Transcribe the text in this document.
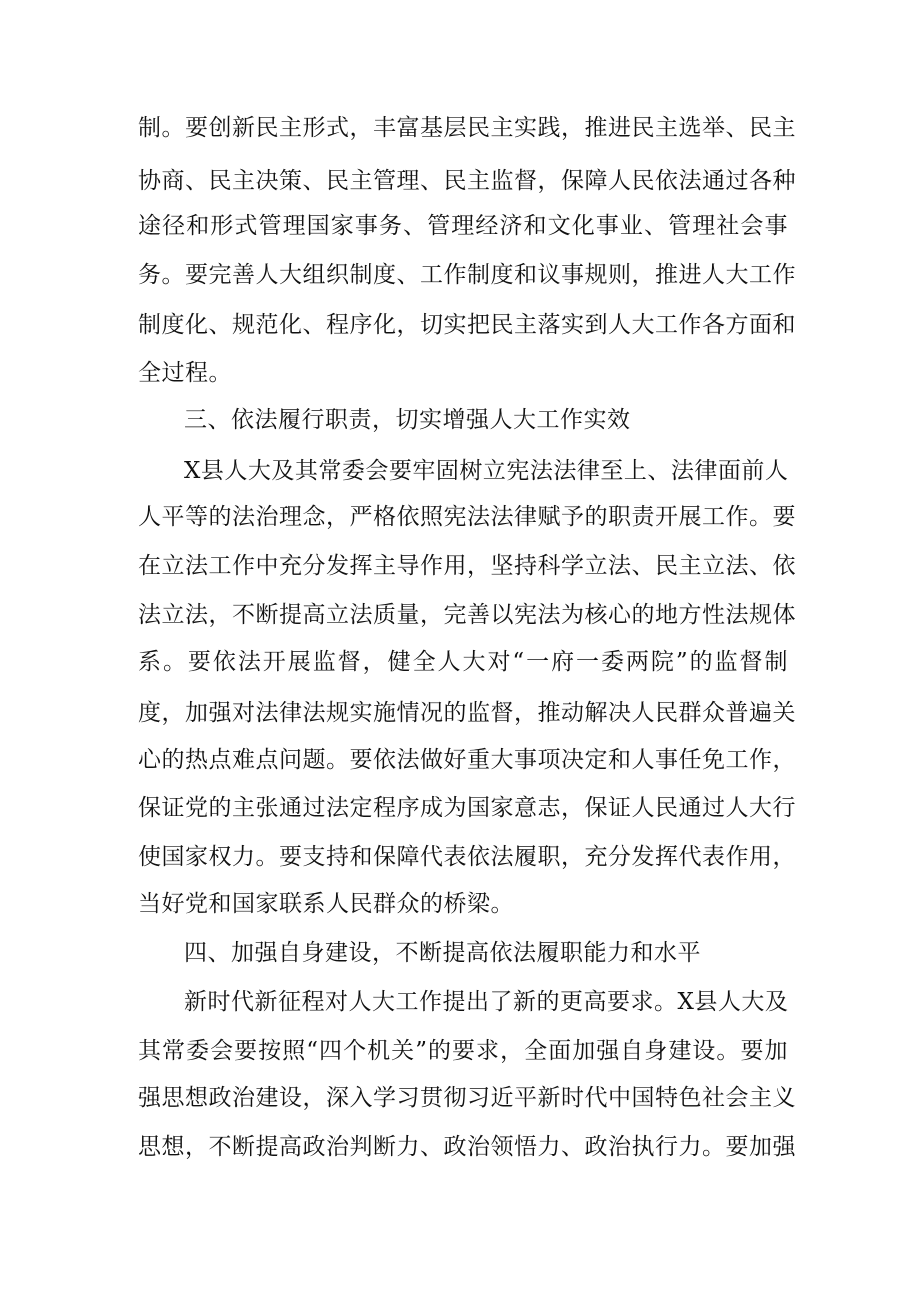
制。要创新民主形式，丰富基层民主实践，推进民主选举、民主
协商、民主决策、民主管理、民主监督，保障人民依法通过各种
途径和形式管理国家事务、管理经济和文化事业、管理社会事
务。要完善人大组织制度、工作制度和议事规则，推进人大工作
制度化、规范化、程序化，切实把民主落实到人大工作各方面和
全过程。
三、依法履行职责，切实增强人大工作实效
X县人大及其常委会要牢固树立宪法法律至上、法律面前人
人平等的法治理念，严格依照宪法法律赋予的职责开展工作。要
在立法工作中充分发挥主导作用，坚持科学立法、民主立法、依
法立法，不断提高立法质量，完善以宪法为核心的地方性法规体
系。要依法开展监督，健全人大对“一府一委两院”的监督制
度，加强对法律法规实施情况的监督，推动解决人民群众普遍关
心的热点难点问题。要依法做好重大事项决定和人事任免工作，
保证党的主张通过法定程序成为国家意志，保证人民通过人大行
使国家权力。要支持和保障代表依法履职，充分发挥代表作用，
当好党和国家联系人民群众的桥梁。
四、加强自身建设，不断提高依法履职能力和水平
新时代新征程对人大工作提出了新的更高要求。X县人大及
其常委会要按照“四个机关”的要求，全面加强自身建设。要加
强思想政治建设，深入学习贯彻习近平新时代中国特色社会主义
思想，不断提高政治判断力、政治领悟力、政治执行力。要加强
